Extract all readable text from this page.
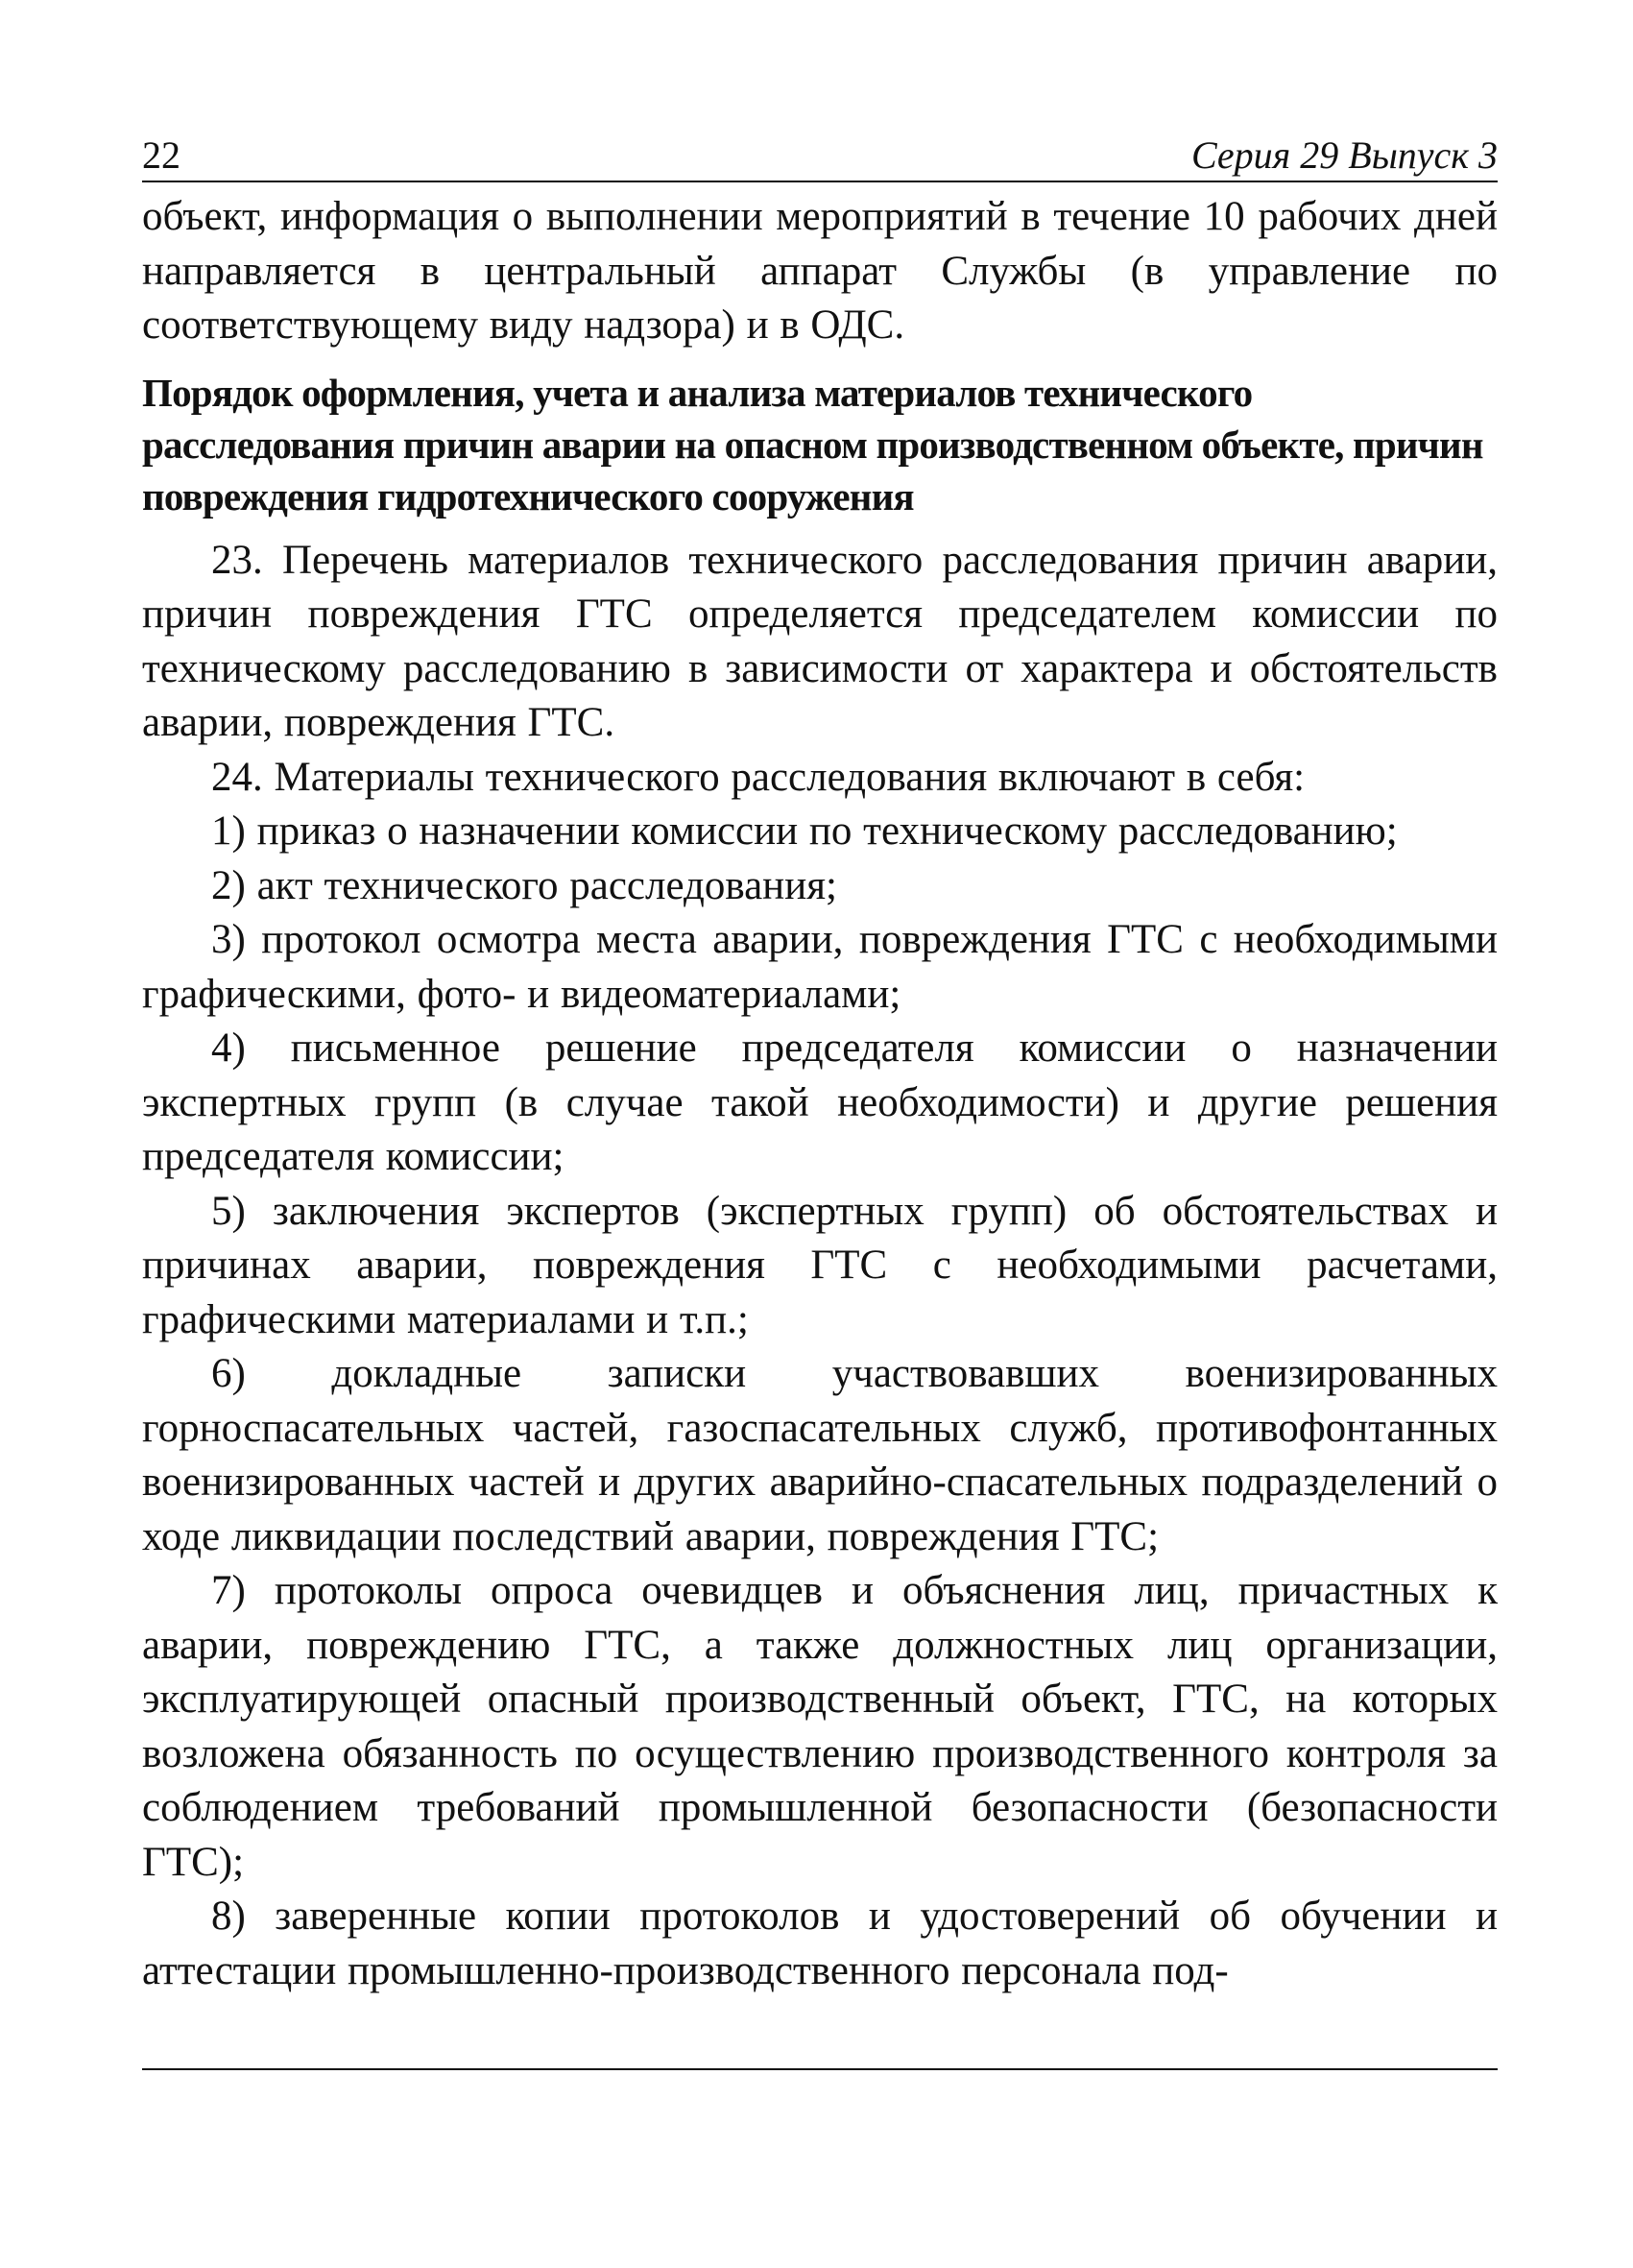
22	Серия 29 Выпуск 3

объект, информация о выполнении мероприятий в течение 10 рабочих дней направляется в центральный аппарат Службы (в управление по соответствующему виду надзора) и в ОДС.

Порядок оформления, учета и анализа материалов технического расследования причин аварии на опасном производственном объекте, причин повреждения гидротехнического сооружения

23. Перечень материалов технического расследования причин аварии, причин повреждения ГТС определяется председателем комиссии по техническому расследованию в зависимости от характера и обстоятельств аварии, повреждения ГТС.

24. Материалы технического расследования включают в себя:

1) приказ о назначении комиссии по техническому расследованию;

2) акт технического расследования;

3) протокол осмотра места аварии, повреждения ГТС с необходимыми графическими, фото- и видеоматериалами;

4) письменное решение председателя комиссии о назначении экспертных групп (в случае такой необходимости) и другие решения председателя комиссии;

5) заключения экспертов (экспертных групп) об обстоятельствах и причинах аварии, повреждения ГТС с необходимыми расчетами, графическими материалами и т.п.;

6) докладные записки участвовавших военизированных горноспасательных частей, газоспасательных служб, противофонтанных военизированных частей и других аварийно-спасательных подразделений о ходе ликвидации последствий аварии, повреждения ГТС;

7) протоколы опроса очевидцев и объяснения лиц, причастных к аварии, повреждению ГТС, а также должностных лиц организации, эксплуатирующей опасный производственный объект, ГТС, на которых возложена обязанность по осуществлению производственного контроля за соблюдением требований промышленной безопасности (безопасности ГТС);

8) заверенные копии протоколов и удостоверений об обучении и аттестации промышленно-производственного персонала под-
